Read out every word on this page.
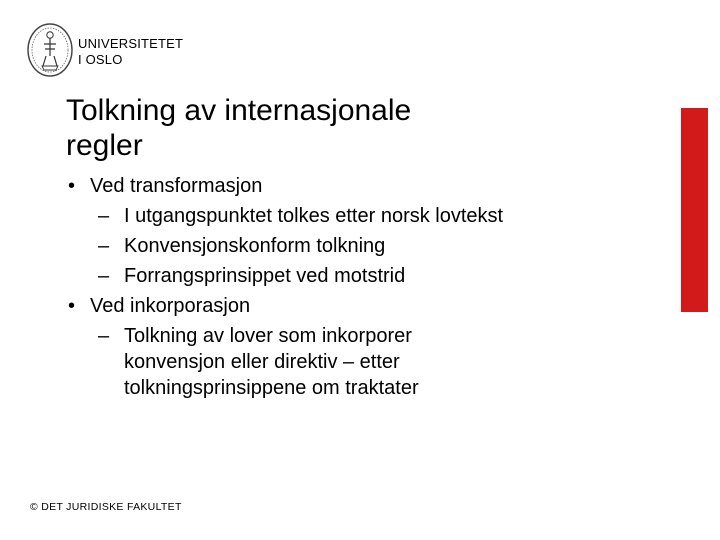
UNIVERSITETET
I OSLO
Tolkning av internasjonale
regler
• Ved transformasjon
– I utgangspunktet tolkes etter norsk lovtekst
– Konvensjonskonform tolkning
– Forrangsprinsippet ved motstrid
• Ved inkorporasjon
– Tolkning av lover som inkorporer konvensjon eller direktiv – etter tolkningsprinsippene om traktater
© DET JURIDISKE FAKULTET
